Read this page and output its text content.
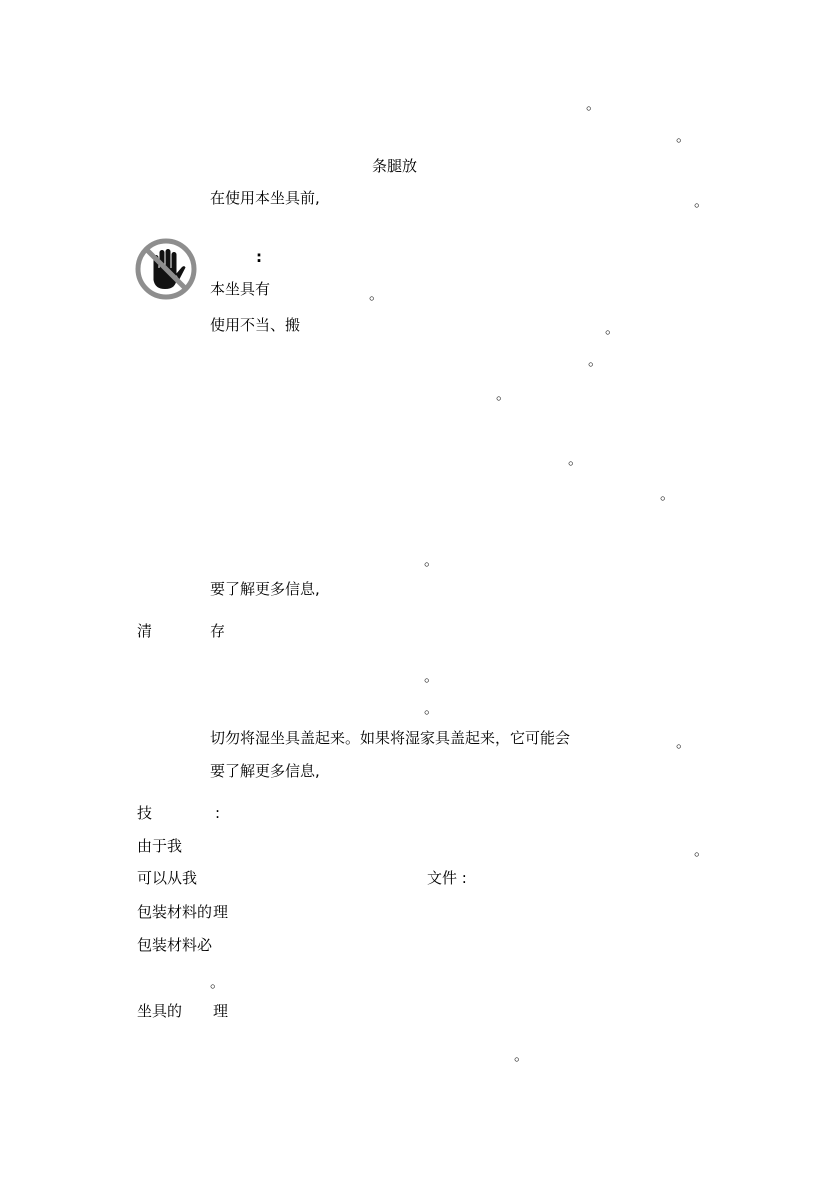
。
。

条腿放

在使用本坐具前,	。

:

本坐具有	。

使用不当、搬	。
。
。
。
。
。

要了解更多信息,

清	存

。
。

切勿将湿坐具盖起来。如果将湿家具盖起来，它可能会	。

要了解更多信息,

技	:

由于我	。

可以从我	文件 :

包装材料的 理

包装材料必

。

坐具的 理

。
